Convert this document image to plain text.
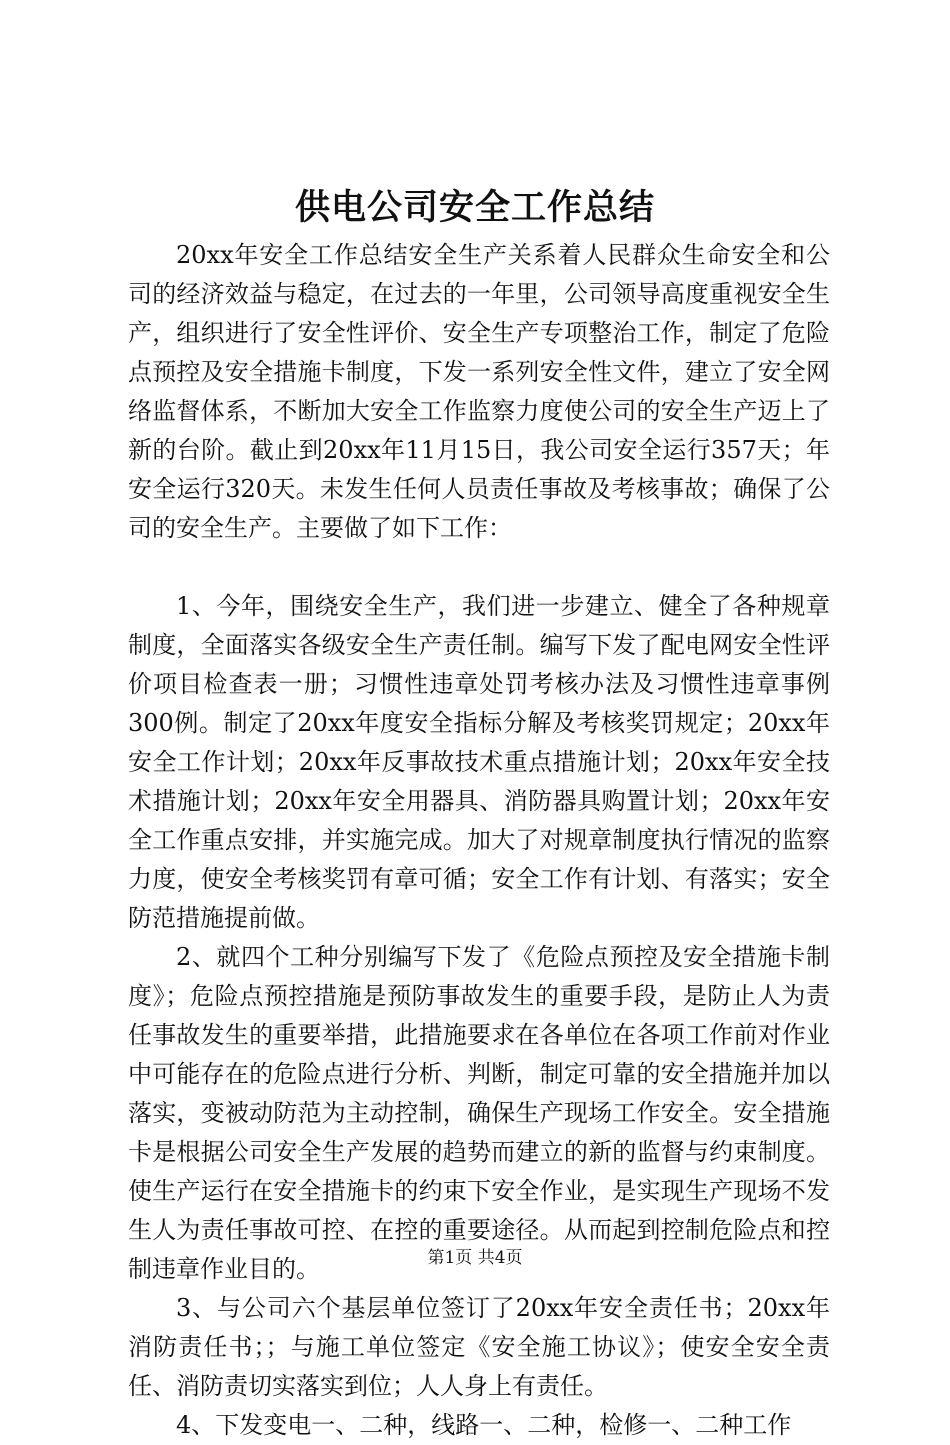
供电公司安全工作总结

20xx年安全工作总结安全生产关系着人民群众生命安全和公司的经济效益与稳定，在过去的一年里，公司领导高度重视安全生产，组织进行了安全性评价、安全生产专项整治工作，制定了危险点预控及安全措施卡制度，下发一系列安全性文件，建立了安全网络监督体系，不断加大安全工作监察力度使公司的安全生产迈上了新的台阶。截止到20xx年11月15日，我公司安全运行357天；年安全运行320天。未发生任何人员责任事故及考核事故；确保了公司的安全生产。主要做了如下工作：

1、今年，围绕安全生产，我们进一步建立、健全了各种规章制度，全面落实各级安全生产责任制。编写下发了配电网安全性评价项目检查表一册；习惯性违章处罚考核办法及习惯性违章事例300例。制定了20xx年度安全指标分解及考核奖罚规定；20xx年安全工作计划；20xx年反事故技术重点措施计划；20xx年安全技术措施计划；20xx年安全用器具、消防器具购置计划；20xx年安全工作重点安排，并实施完成。加大了对规章制度执行情况的监察力度，使安全考核奖罚有章可循；安全工作有计划、有落实；安全防范措施提前做。

2、就四个工种分别编写下发了《危险点预控及安全措施卡制度》；危险点预控措施是预防事故发生的重要手段，是防止人为责任事故发生的重要举措，此措施要求在各单位在各项工作前对作业中可能存在的危险点进行分析、判断，制定可靠的安全措施并加以落实，变被动防范为主动控制，确保生产现场工作安全。安全措施卡是根据公司安全生产发展的趋势而建立的新的监督与约束制度。使生产运行在安全措施卡的约束下安全作业，是实现生产现场不发生人为责任事故可控、在控的重要途径。从而起到控制危险点和控制违章作业目的。

3、与公司六个基层单位签订了20xx年安全责任书；20xx年消防责任书；；与施工单位签定《安全施工协议》；使安全安全责任、消防责切实落实到位；人人身上有责任。

4、下发变电一、二种，线路一、二种，检修一、二种工作

第1页 共4页
